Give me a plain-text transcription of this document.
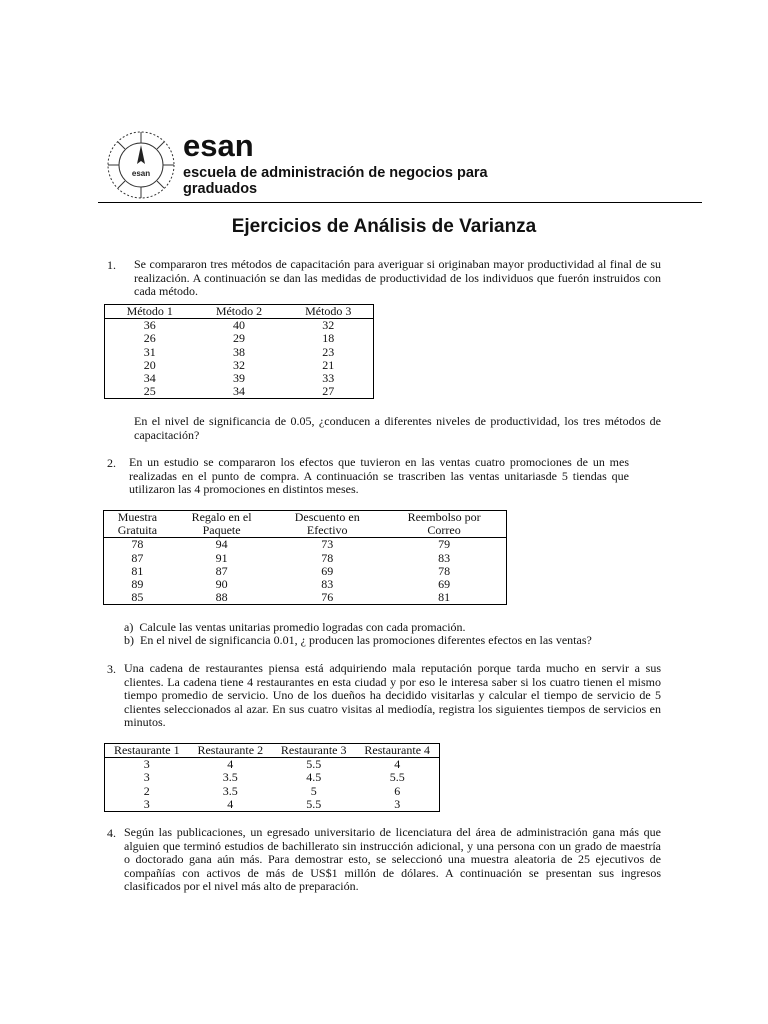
esan
esan
escuela de administración de negocios para graduados
Ejercicios de Análisis de Varianza
1. Se compararon tres métodos de capacitación para averiguar si originaban mayor productividad al final de su realización. A continuación se dan las medidas de productividad de los individuos que fuerón instruidos con cada método.
Método 1	Método 2	Método 3
36	40	32
26	29	18
31	38	23
20	32	21
34	39	33
25	34	27
En el nivel de significancia de 0.05, ¿conducen a diferentes niveles de productividad, los tres métodos de capacitación?
2. En un estudio se compararon los efectos que tuvieron en las ventas cuatro promociones de un mes realizadas en el punto de compra. A continuación se trascriben las ventas unitariasde 5 tiendas que utilizaron las 4 promociones en distintos meses.
Muestra	Regalo en el	Descuento en	Reembolso por
Gratuita	Paquete	Efectivo	Correo
78	94	73	79
87	91	78	83
81	87	69	78
89	90	83	69
85	88	76	81
a) Calcule las ventas unitarias promedio logradas con cada promación.
b) En el nivel de significancia 0.01, ¿ producen las promociones diferentes efectos en las ventas?
3. Una cadena de restaurantes piensa está adquiriendo mala reputación porque tarda mucho en servir a sus clientes. La cadena tiene 4 restaurantes en esta ciudad y por eso le interesa saber si los cuatro tienen el mismo tiempo promedio de servicio. Uno de los dueños ha decidido visitarlas y calcular el tiempo de servicio de 5 clientes seleccionados al azar. En sus cuatro visitas al mediodía, registra los siguientes tiempos de servicios en minutos.
Restaurante 1	Restaurante 2	Restaurante 3	Restaurante 4
3	4	5.5	4
3	3.5	4.5	5.5
2	3.5	5	6
3	4	5.5	3
4. Según las publicaciones, un egresado universitario de licenciatura del área de administración gana más que alguien que terminó estudios de bachillerato sin instrucción adicional, y una persona con un grado de maestría o doctorado gana aún más. Para demostrar esto, se seleccionó una muestra aleatoria de 25 ejecutivos de compañías con activos de más de US$1 millón de dólares. A continuación se presentan sus ingresos clasificados por el nivel más alto de preparación.
